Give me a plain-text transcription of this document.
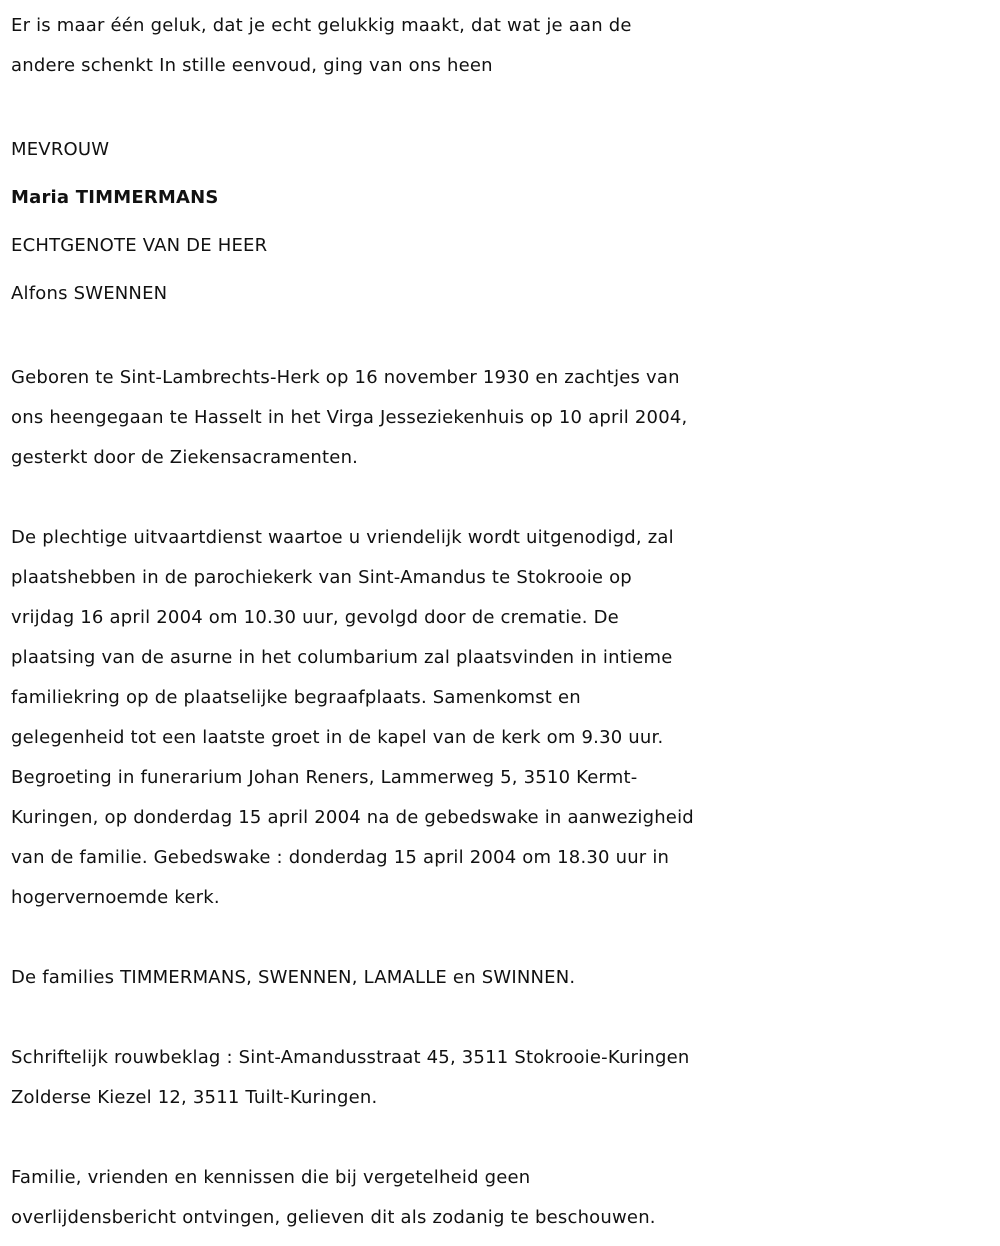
Er is maar één geluk, dat je echt gelukkig maakt, dat wat je aan de

andere schenkt In stille eenvoud, ging van ons heen

MEVROUW

Maria TIMMERMANS

ECHTGENOTE VAN DE HEER

Alfons SWENNEN

Geboren te Sint-Lambrechts-Herk op 16 november 1930 en zachtjes van

ons heengegaan te Hasselt in het Virga Jesseziekenhuis op 10 april 2004,

gesterkt door de Ziekensacramenten.

De plechtige uitvaartdienst waartoe u vriendelijk wordt uitgenodigd, zal

plaatshebben in de parochiekerk van Sint-Amandus te Stokrooie op

vrijdag 16 april 2004 om 10.30 uur, gevolgd door de crematie. De

plaatsing van de asurne in het columbarium zal plaatsvinden in intieme

familiekring op de plaatselijke begraafplaats. Samenkomst en

gelegenheid tot een laatste groet in de kapel van de kerk om 9.30 uur.

Begroeting in funerarium Johan Reners, Lammerweg 5, 3510 Kermt-

Kuringen, op donderdag 15 april 2004 na de gebedswake in aanwezigheid

van de familie. Gebedswake : donderdag 15 april 2004 om 18.30 uur in

hogervernoemde kerk.

De families TIMMERMANS, SWENNEN, LAMALLE en SWINNEN.

Schriftelijk rouwbeklag : Sint-Amandusstraat 45, 3511 Stokrooie-Kuringen

Zolderse Kiezel 12, 3511 Tuilt-Kuringen.

Familie, vrienden en kennissen die bij vergetelheid geen

overlijdensbericht ontvingen, gelieven dit als zodanig te beschouwen.
